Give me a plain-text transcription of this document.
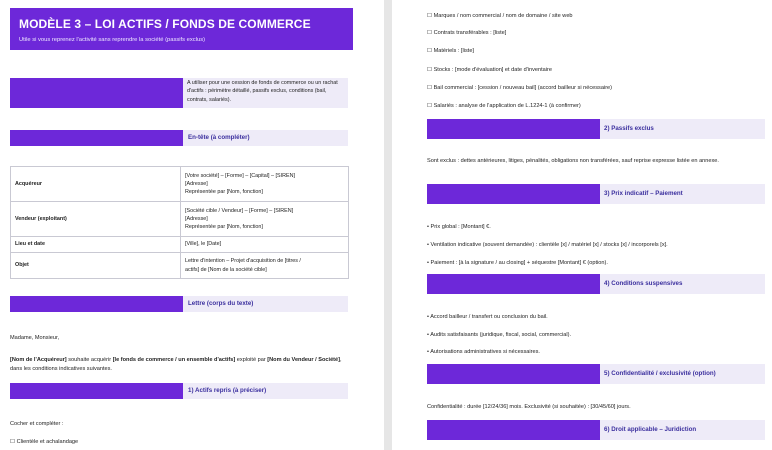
MODÈLE 3 – LOI ACTIFS / FONDS DE COMMERCE
Utile si vous reprenez l'activité sans reprendre la société (passifs exclus)
A utiliser pour une cession de fonds de commerce ou un rachat d'actifs : périmètre détaillé, passifs exclus, conditions (bail, contrats, salariés).
En-tête (à compléter)
Acquéreur	[Votre société] – [Forme] – [Capital] – [SIREN]
[Adresse]
Représentée par [Nom, fonction]

Vendeur (exploitant)	[Société cible / Vendeur] – [Forme] – [SIREN]
[Adresse]
Représentée par [Nom, fonction]

Lieu et date	[Ville], le [Date]

Objet	Lettre d'intention – Projet d'acquisition de [titres /
actifs] de [Nom de la société cible]
Lettre (corps du texte)
Madame, Monsieur,
[Nom de l'Acquéreur] souhaite acquérir [le fonds de commerce / un ensemble d'actifs] exploité par [Nom du Vendeur / Société], dans les conditions indicatives suivantes.
1) Actifs repris (à préciser)
Cocher et compléter :
☐ Clientèle et achalandage
☐ Marques / nom commercial / nom de domaine / site web
☐ Contrats transférables : [liste]
☐ Matériels : [liste]
☐ Stocks : [mode d'évaluation] et date d'inventaire
☐ Bail commercial : [cession / nouveau bail] (accord bailleur si nécessaire)
☐ Salariés : analyse de l'application de L.1224-1 (à confirmer)
2) Passifs exclus
Sont exclus : dettes antérieures, litiges, pénalités, obligations non transférées, sauf reprise expresse listée en annexe.
3) Prix indicatif – Paiement
• Prix global : [Montant] €.
• Ventilation indicative (souvent demandée) : clientèle [x] / matériel [x] / stocks [x] / incorporels [x].
• Paiement : [à la signature / au closing] + séquestre [Montant] € (option).
4) Conditions suspensives
• Accord bailleur / transfert ou conclusion du bail.
• Audits satisfaisants (juridique, fiscal, social, commercial).
• Autorisations administratives si nécessaires.
5) Confidentialité / exclusivité (option)
Confidentialité : durée [12/24/36] mois. Exclusivité (si souhaitée) : [30/45/60] jours.
6) Droit applicable – Juridiction
